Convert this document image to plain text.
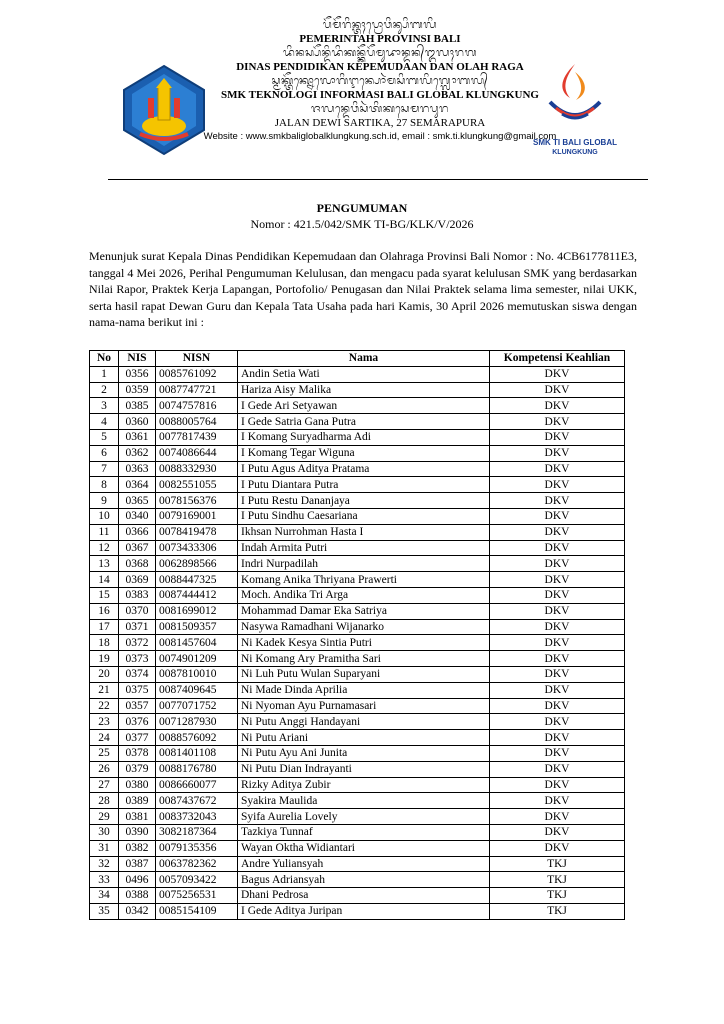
ᬧᭂᬫᭂᬭᬶᬦ᭄ᬢᬄᬧ᭄ᬭᭀᬯᬶᬦ᭄ᬲᬶᬩᬮᬶ
PEMERINTAH PROVINSI BALI
ᬤᬶᬦᬲ᭄ᬧᭂᬦ᭄ᬤᬶᬤᬶᬓᬦ᭄ᬓᭂᬧᭂᬫᬸᬤᬵᬦ᭄ᬤᬦ᭄ᬑᬮᬄᬭᬕ
DINAS PENDIDIKAN KEPEMUDAAN DAN OLAH RAGA
ᬲ᭄ᬫᬓ᭄ᬢᭂᬓ᭄ᬦᭀᬮᭀᬕᬶᬇᬦ᭄ᬧᭀᬃᬫᬲᬶᬩᬮᬶᬕ᭄ᬮᭀᬩᬮ᭄
SMK TEKNOLOGI INFORMASI BALI GLOBAL KLUNGKUNG
ᬚᬮᬦ᭄ᬤᬾᬯᬶᬲᬃᬢᬶᬓᬲᬾᬫᬭᬧᬸᬭ
JALAN DEWI SARTIKA, 27 SEMARAPURA
Website : www.smkbaliglobalklungkung.sch.id, email : smk.ti.klungkung@gmail.com
SMK TI BALI GLOBAL
KLUNGKUNG
PENGUMUMAN
Nomor : 421.5/042/SMK TI-BG/KLK/V/2026
Menunjuk surat Kepala Dinas Pendidikan Kepemudaan dan Olahraga Provinsi Bali Nomor : No. 4CB6177811E3, tanggal 4 Mei 2026, Perihal Pengumuman Kelulusan, dan mengacu pada syarat kelulusan SMK yang berdasarkan Nilai Rapor, Praktek Kerja Lapangan, Portofolio/ Penugasan dan Nilai Praktek selama lima semester, nilai UKK, serta hasil rapat Dewan Guru dan Kepala Tata Usaha pada hari Kamis, 30 April 2026 memutuskan siswa dengan nama-nama berikut ini :
No	NIS	NISN	Nama	Kompetensi Keahlian
1	0356	0085761092	Andin Setia Wati	DKV
2	0359	0087747721	Hariza Aisy Malika	DKV
3	0385	0074757816	I Gede Ari Setyawan	DKV
4	0360	0088005764	I Gede Satria Gana Putra	DKV
5	0361	0077817439	I Komang Suryadharma Adi	DKV
6	0362	0074086644	I Komang Tegar Wiguna	DKV
7	0363	0088332930	I Putu Agus Aditya Pratama	DKV
8	0364	0082551055	I Putu Diantara Putra	DKV
9	0365	0078156376	I Putu Restu Dananjaya	DKV
10	0340	0079169001	I Putu Sindhu Caesariana	DKV
11	0366	0078419478	Ikhsan Nurrohman Hasta I	DKV
12	0367	0073433306	Indah Armita Putri	DKV
13	0368	0062898566	Indri Nurpadilah	DKV
14	0369	0088447325	Komang Anika Thriyana Prawerti	DKV
15	0383	0087444412	Moch. Andika Tri Arga	DKV
16	0370	0081699012	Mohammad Damar Eka Satriya	DKV
17	0371	0081509357	Nasywa Ramadhani Wijanarko	DKV
18	0372	0081457604	Ni Kadek Kesya Sintia Putri	DKV
19	0373	0074901209	Ni Komang Ary Pramitha Sari	DKV
20	0374	0087810010	Ni Luh Putu Wulan Suparyani	DKV
21	0375	0087409645	Ni Made Dinda Aprilia	DKV
22	0357	0077071752	Ni Nyoman Ayu Purnamasari	DKV
23	0376	0071287930	Ni Putu Anggi Handayani	DKV
24	0377	0088576092	Ni Putu Ariani	DKV
25	0378	0081401108	Ni Putu Ayu Ani Junita	DKV
26	0379	0088176780	Ni Putu Dian Indrayanti	DKV
27	0380	0086660077	Rizky Aditya Zubir	DKV
28	0389	0087437672	Syakira Maulida	DKV
29	0381	0083732043	Syifa Aurelia Lovely	DKV
30	0390	3082187364	Tazkiya Tunnaf	DKV
31	0382	0079135356	Wayan Oktha Widiantari	DKV
32	0387	0063782362	Andre Yuliansyah	TKJ
33	0496	0057093422	Bagus Adriansyah	TKJ
34	0388	0075256531	Dhani Pedrosa	TKJ
35	0342	0085154109	I Gede Aditya Juripan	TKJ
